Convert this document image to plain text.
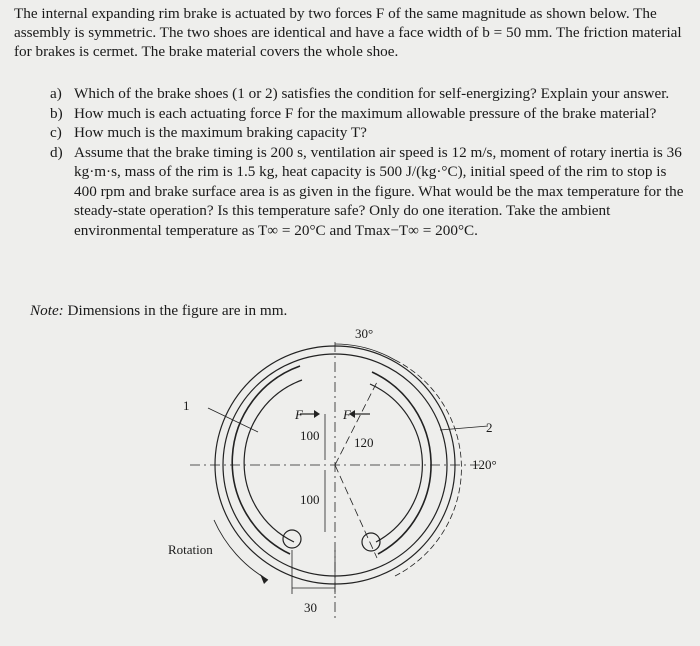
The internal expanding rim brake is actuated by two forces F of the same magnitude as shown below. The assembly is symmetric. The two shoes are identical and have a face width of b = 50 mm. The friction material for brakes is cermet. The brake material covers the whole shoe.

a) Which of the brake shoes (1 or 2) satisfies the condition for self-energizing? Explain your answer.
b) How much is each actuating force F for the maximum allowable pressure of the brake material?
c) How much is the maximum braking capacity T?
d) Assume that the brake timing is 200 s, ventilation air speed is 12 m/s, moment of rotary inertia is 36 kg·m·s, mass of the rim is 1.5 kg, heat capacity is 500 J/(kg·°C), initial speed of the rim to stop is 400 rpm and brake surface area is as given in the figure. What would be the max temperature for the steady-state operation? Is this temperature safe? Only do one iteration. Take the ambient environmental temperature as T∞ = 20°C and Tmax−T∞ = 200°C.
Note: Dimensions in the figure are in mm.
30°
120°
1
2
F	F
100
100
120
30
Rotation
